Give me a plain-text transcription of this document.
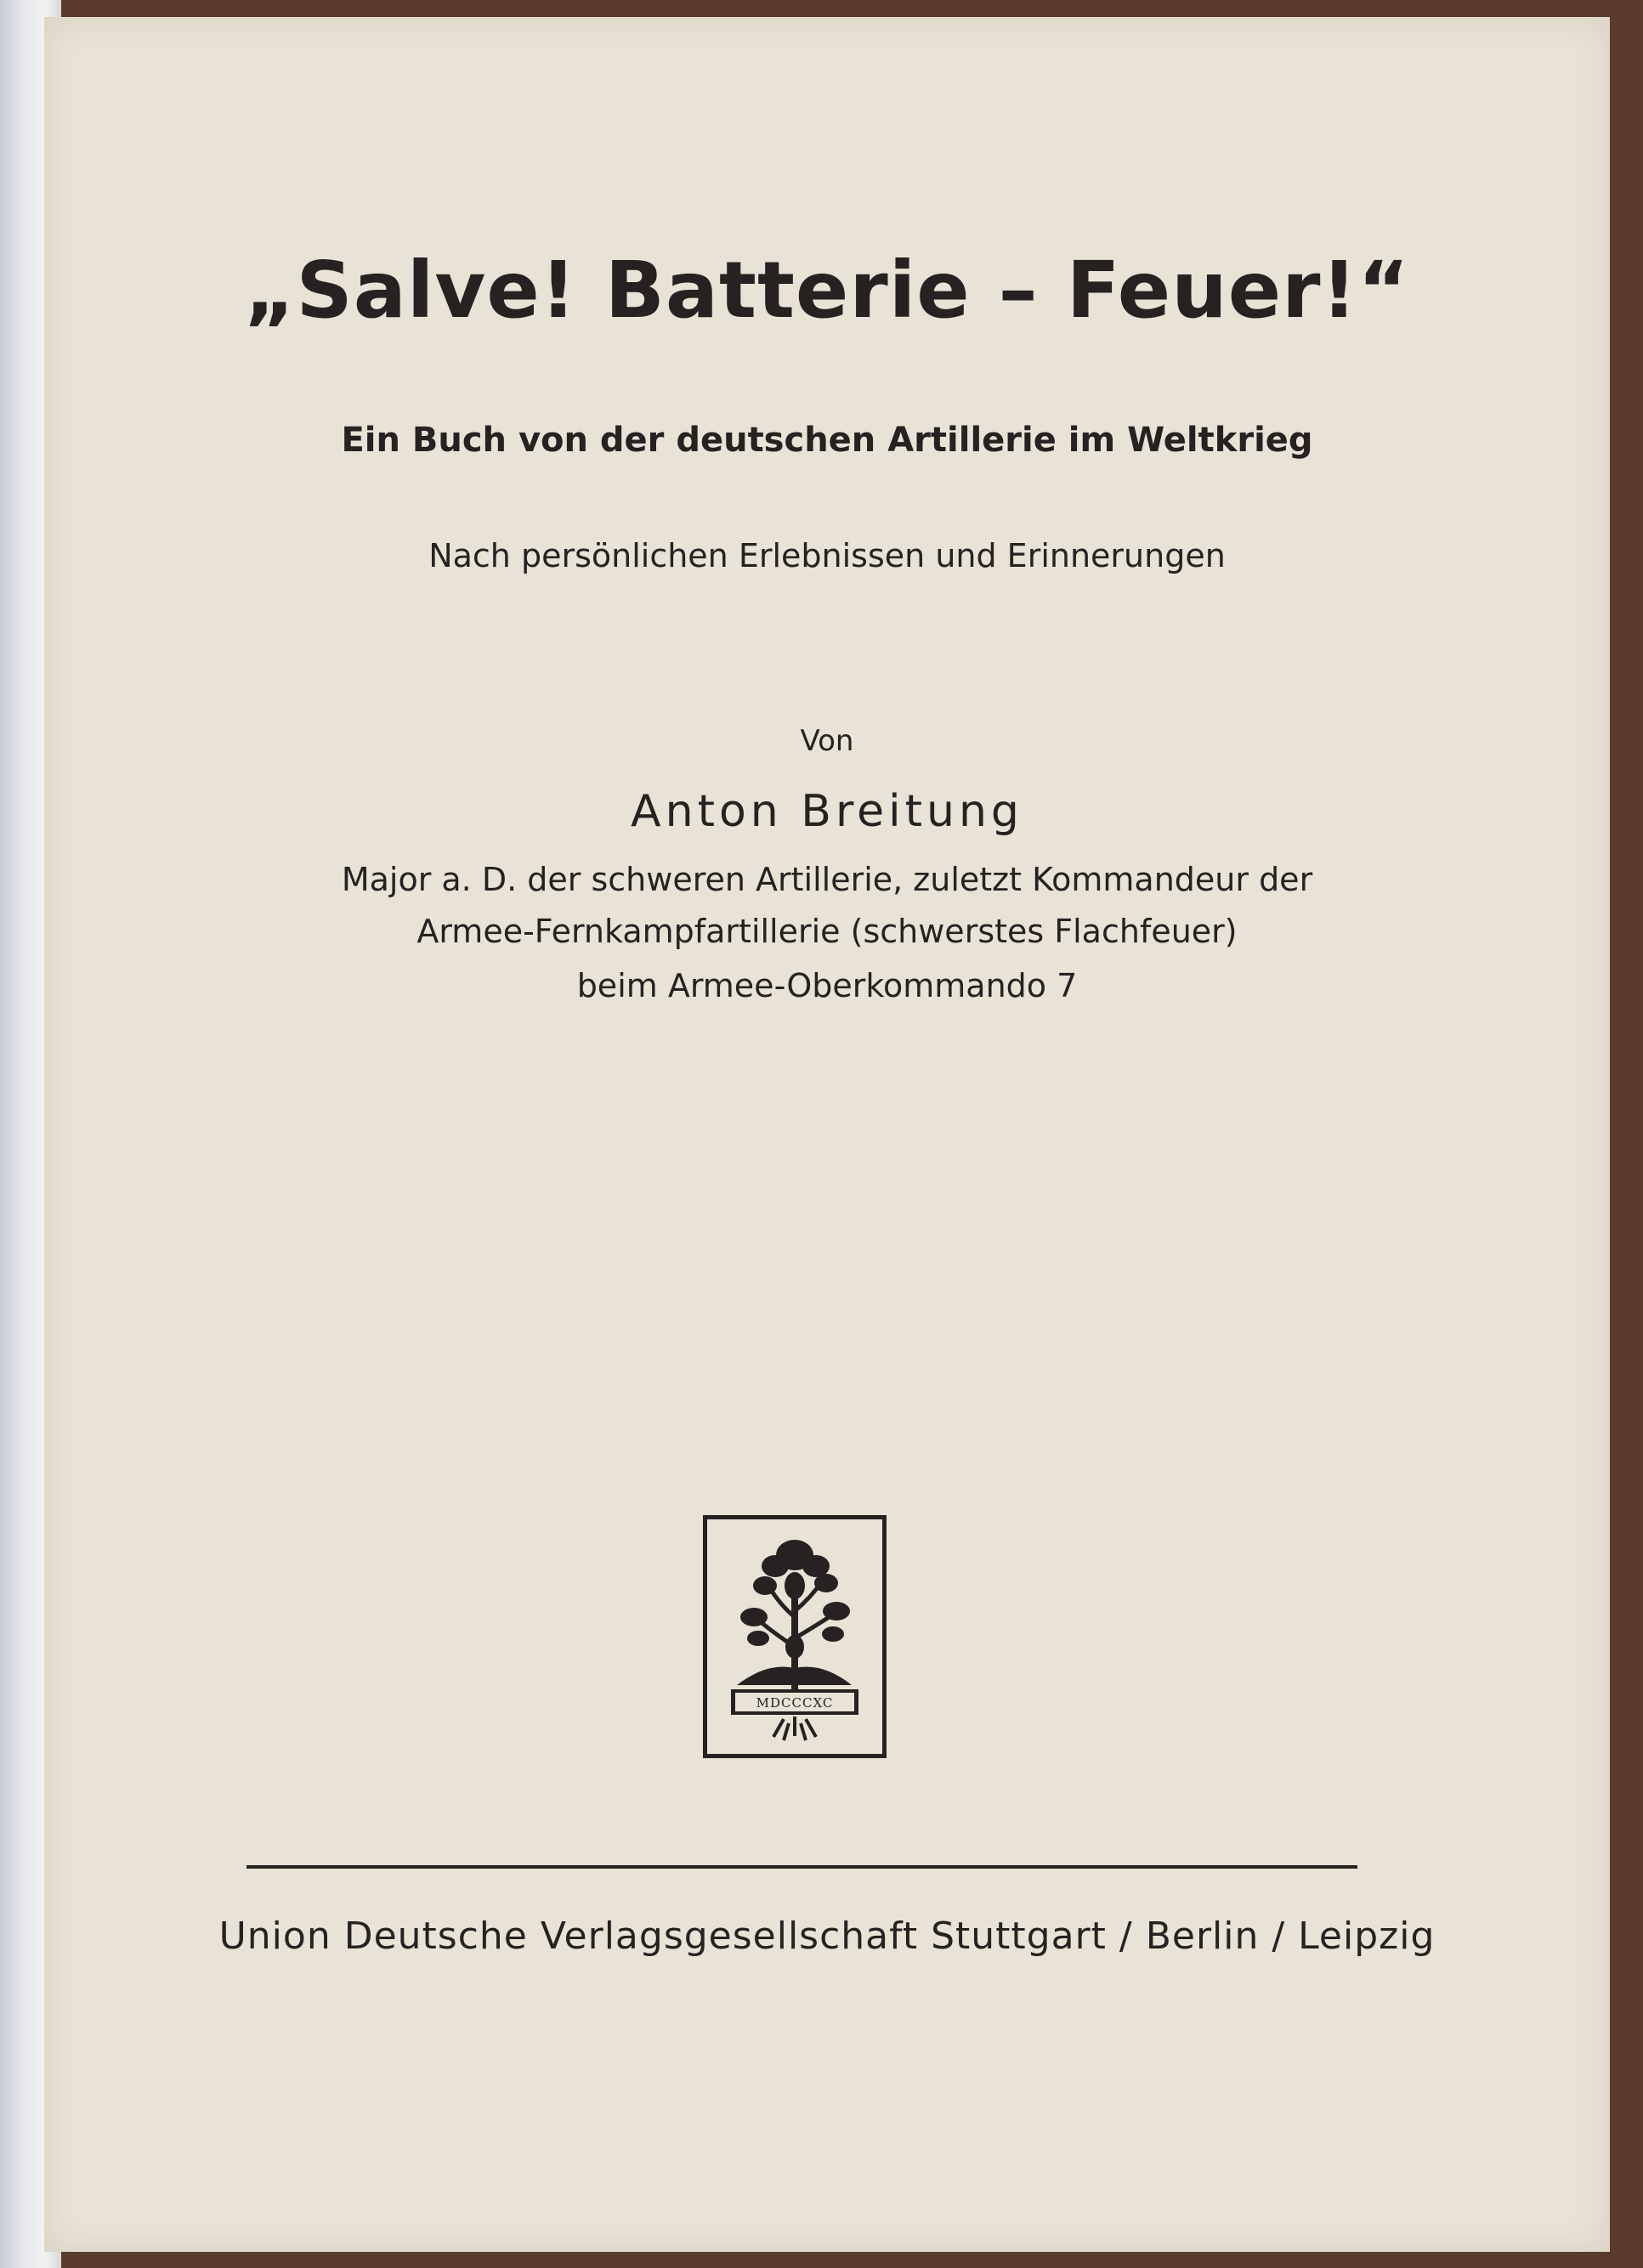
„Salve! Batterie – Feuer!“
Ein Buch von der deutschen Artillerie im Weltkrieg
Nach persönlichen Erlebnissen und Erinnerungen
Von
Anton Breitung
Major a. D. der schweren Artillerie, zuletzt Kommandeur der
Armee-Fernkampfartillerie (schwerstes Flachfeuer)
beim Armee-Oberkommando 7
MDCCCXC
Union Deutsche Verlagsgesellschaft Stuttgart / Berlin / Leipzig
